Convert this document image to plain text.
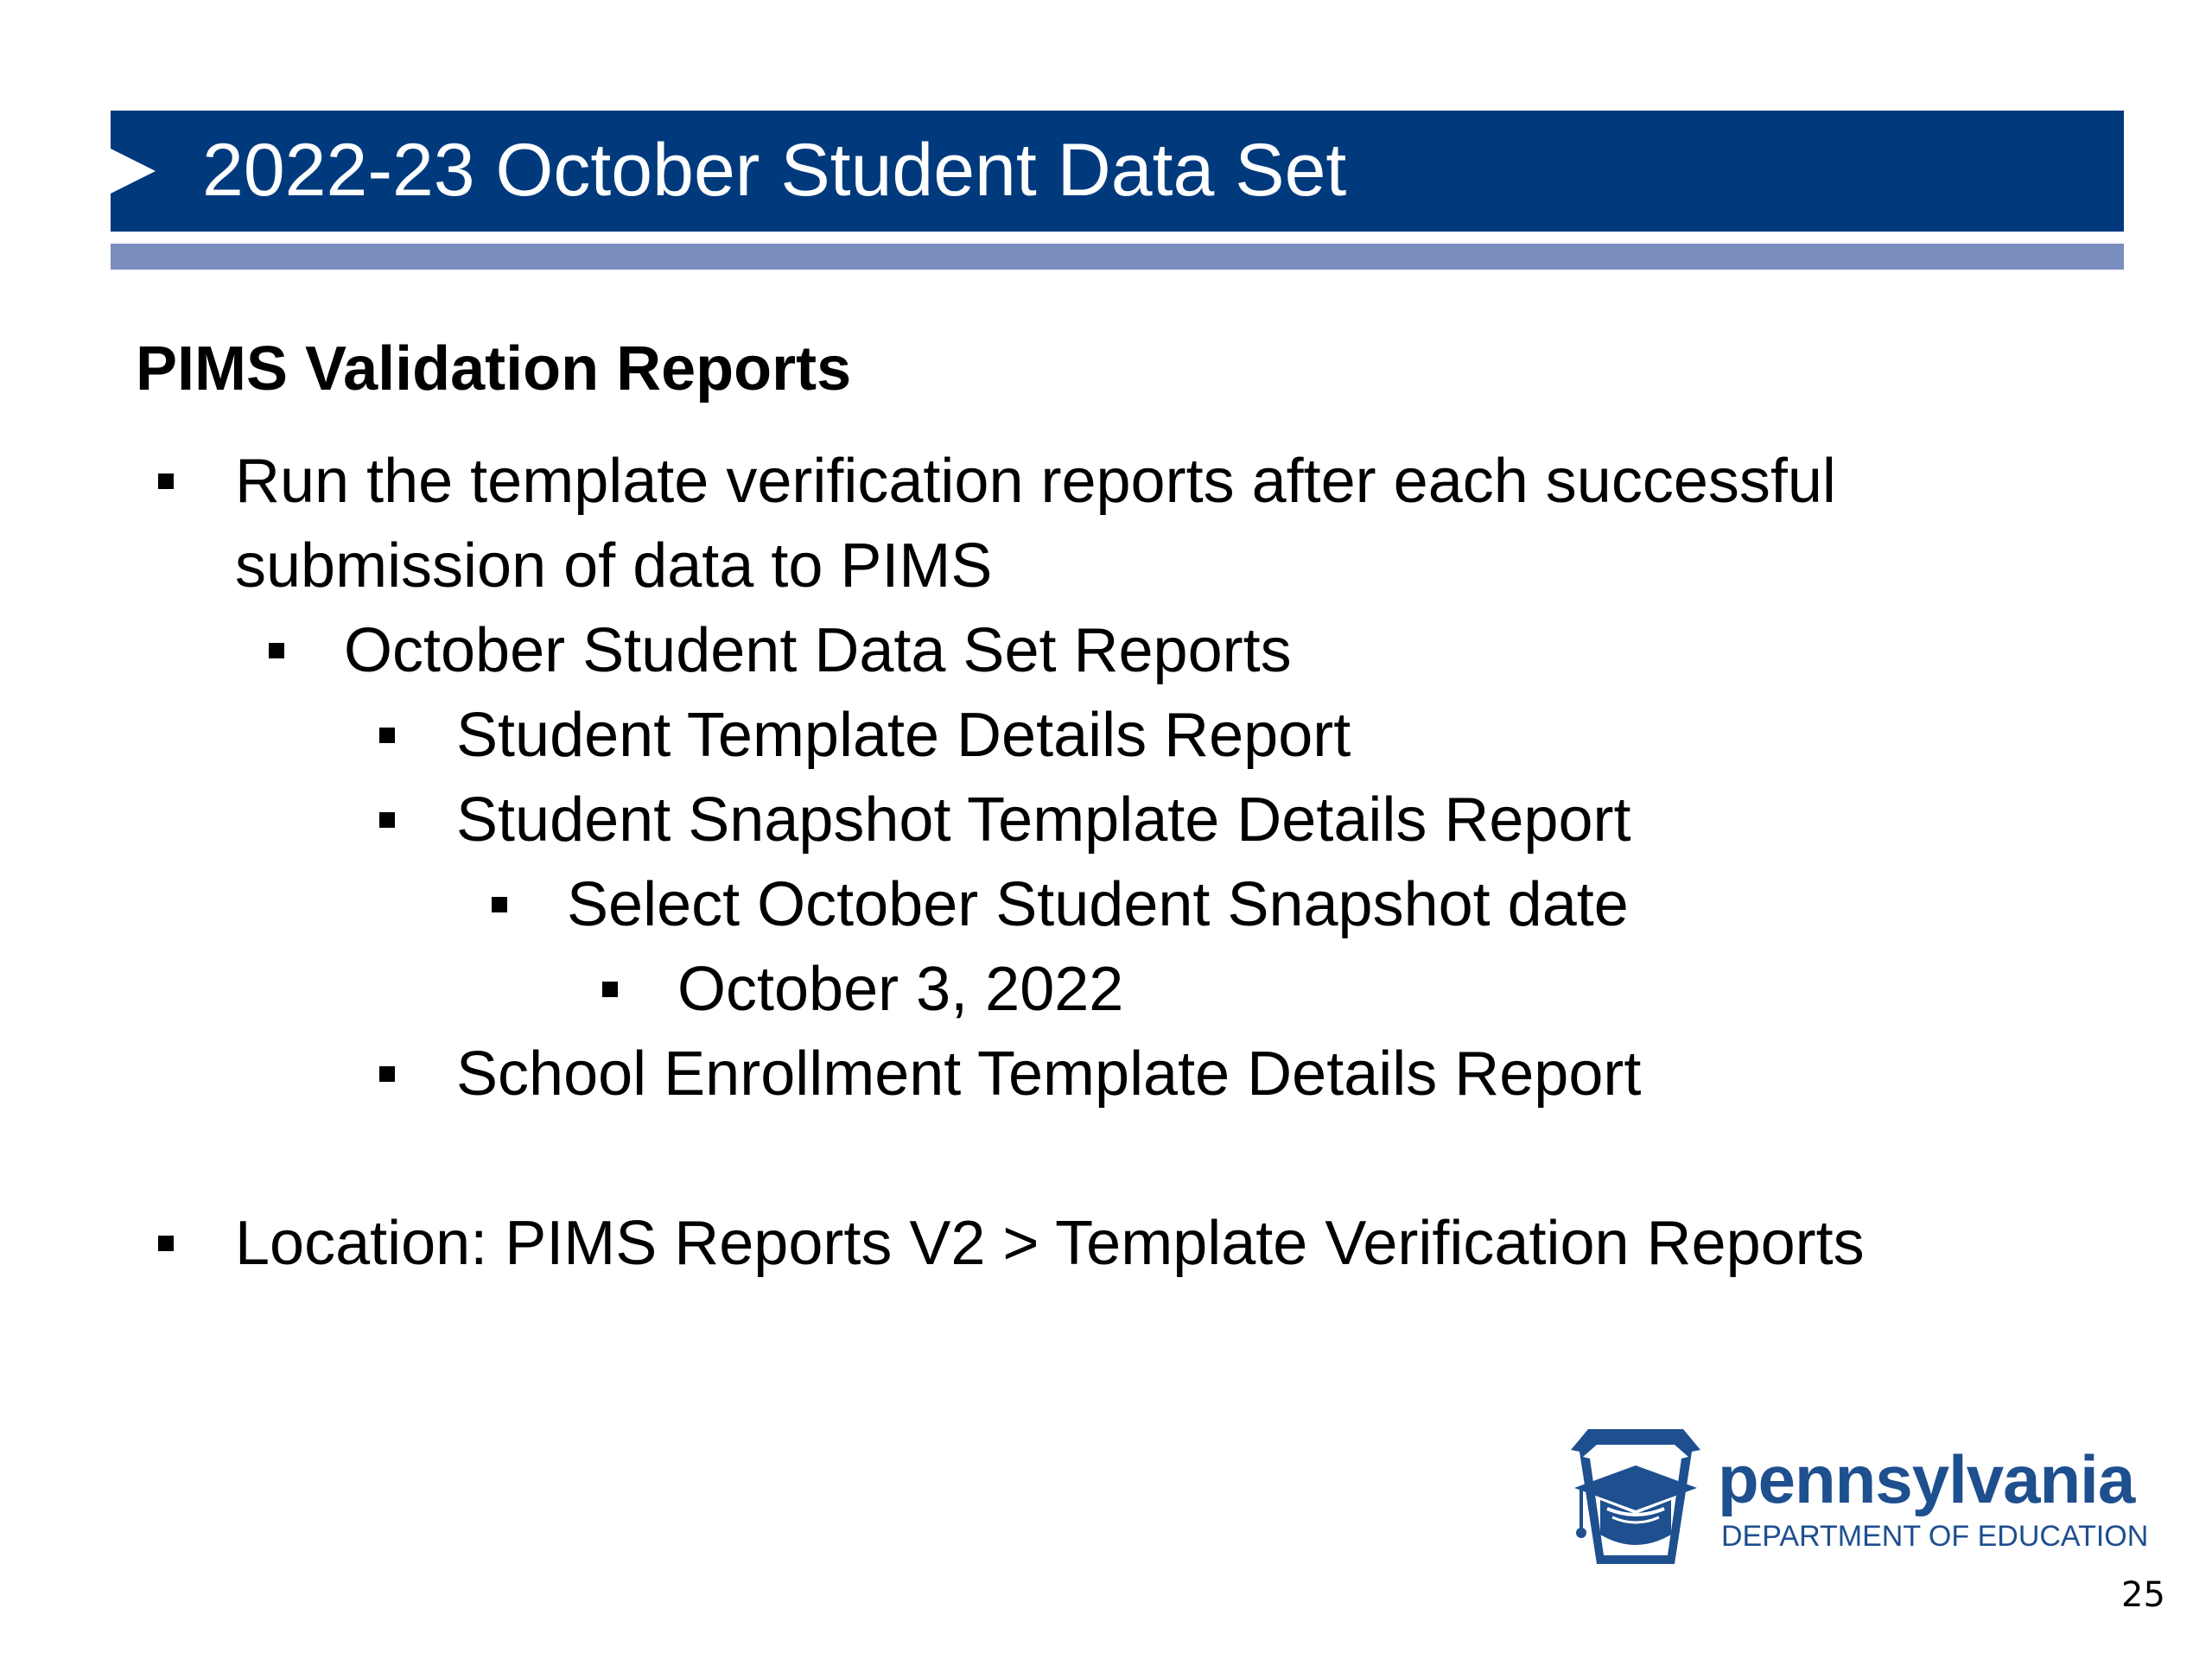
2022-23 October Student Data Set
PIMS Validation Reports
Run the template verification reports after each successful
submission of data to PIMS
October Student Data Set Reports
Student Template Details Report
Student Snapshot Template Details Report
Select October Student Snapshot date
October 3, 2022
School Enrollment Template Details Report
Location: PIMS Reports V2 > Template Verification Reports
pennsylvania
DEPARTMENT OF EDUCATION
25
